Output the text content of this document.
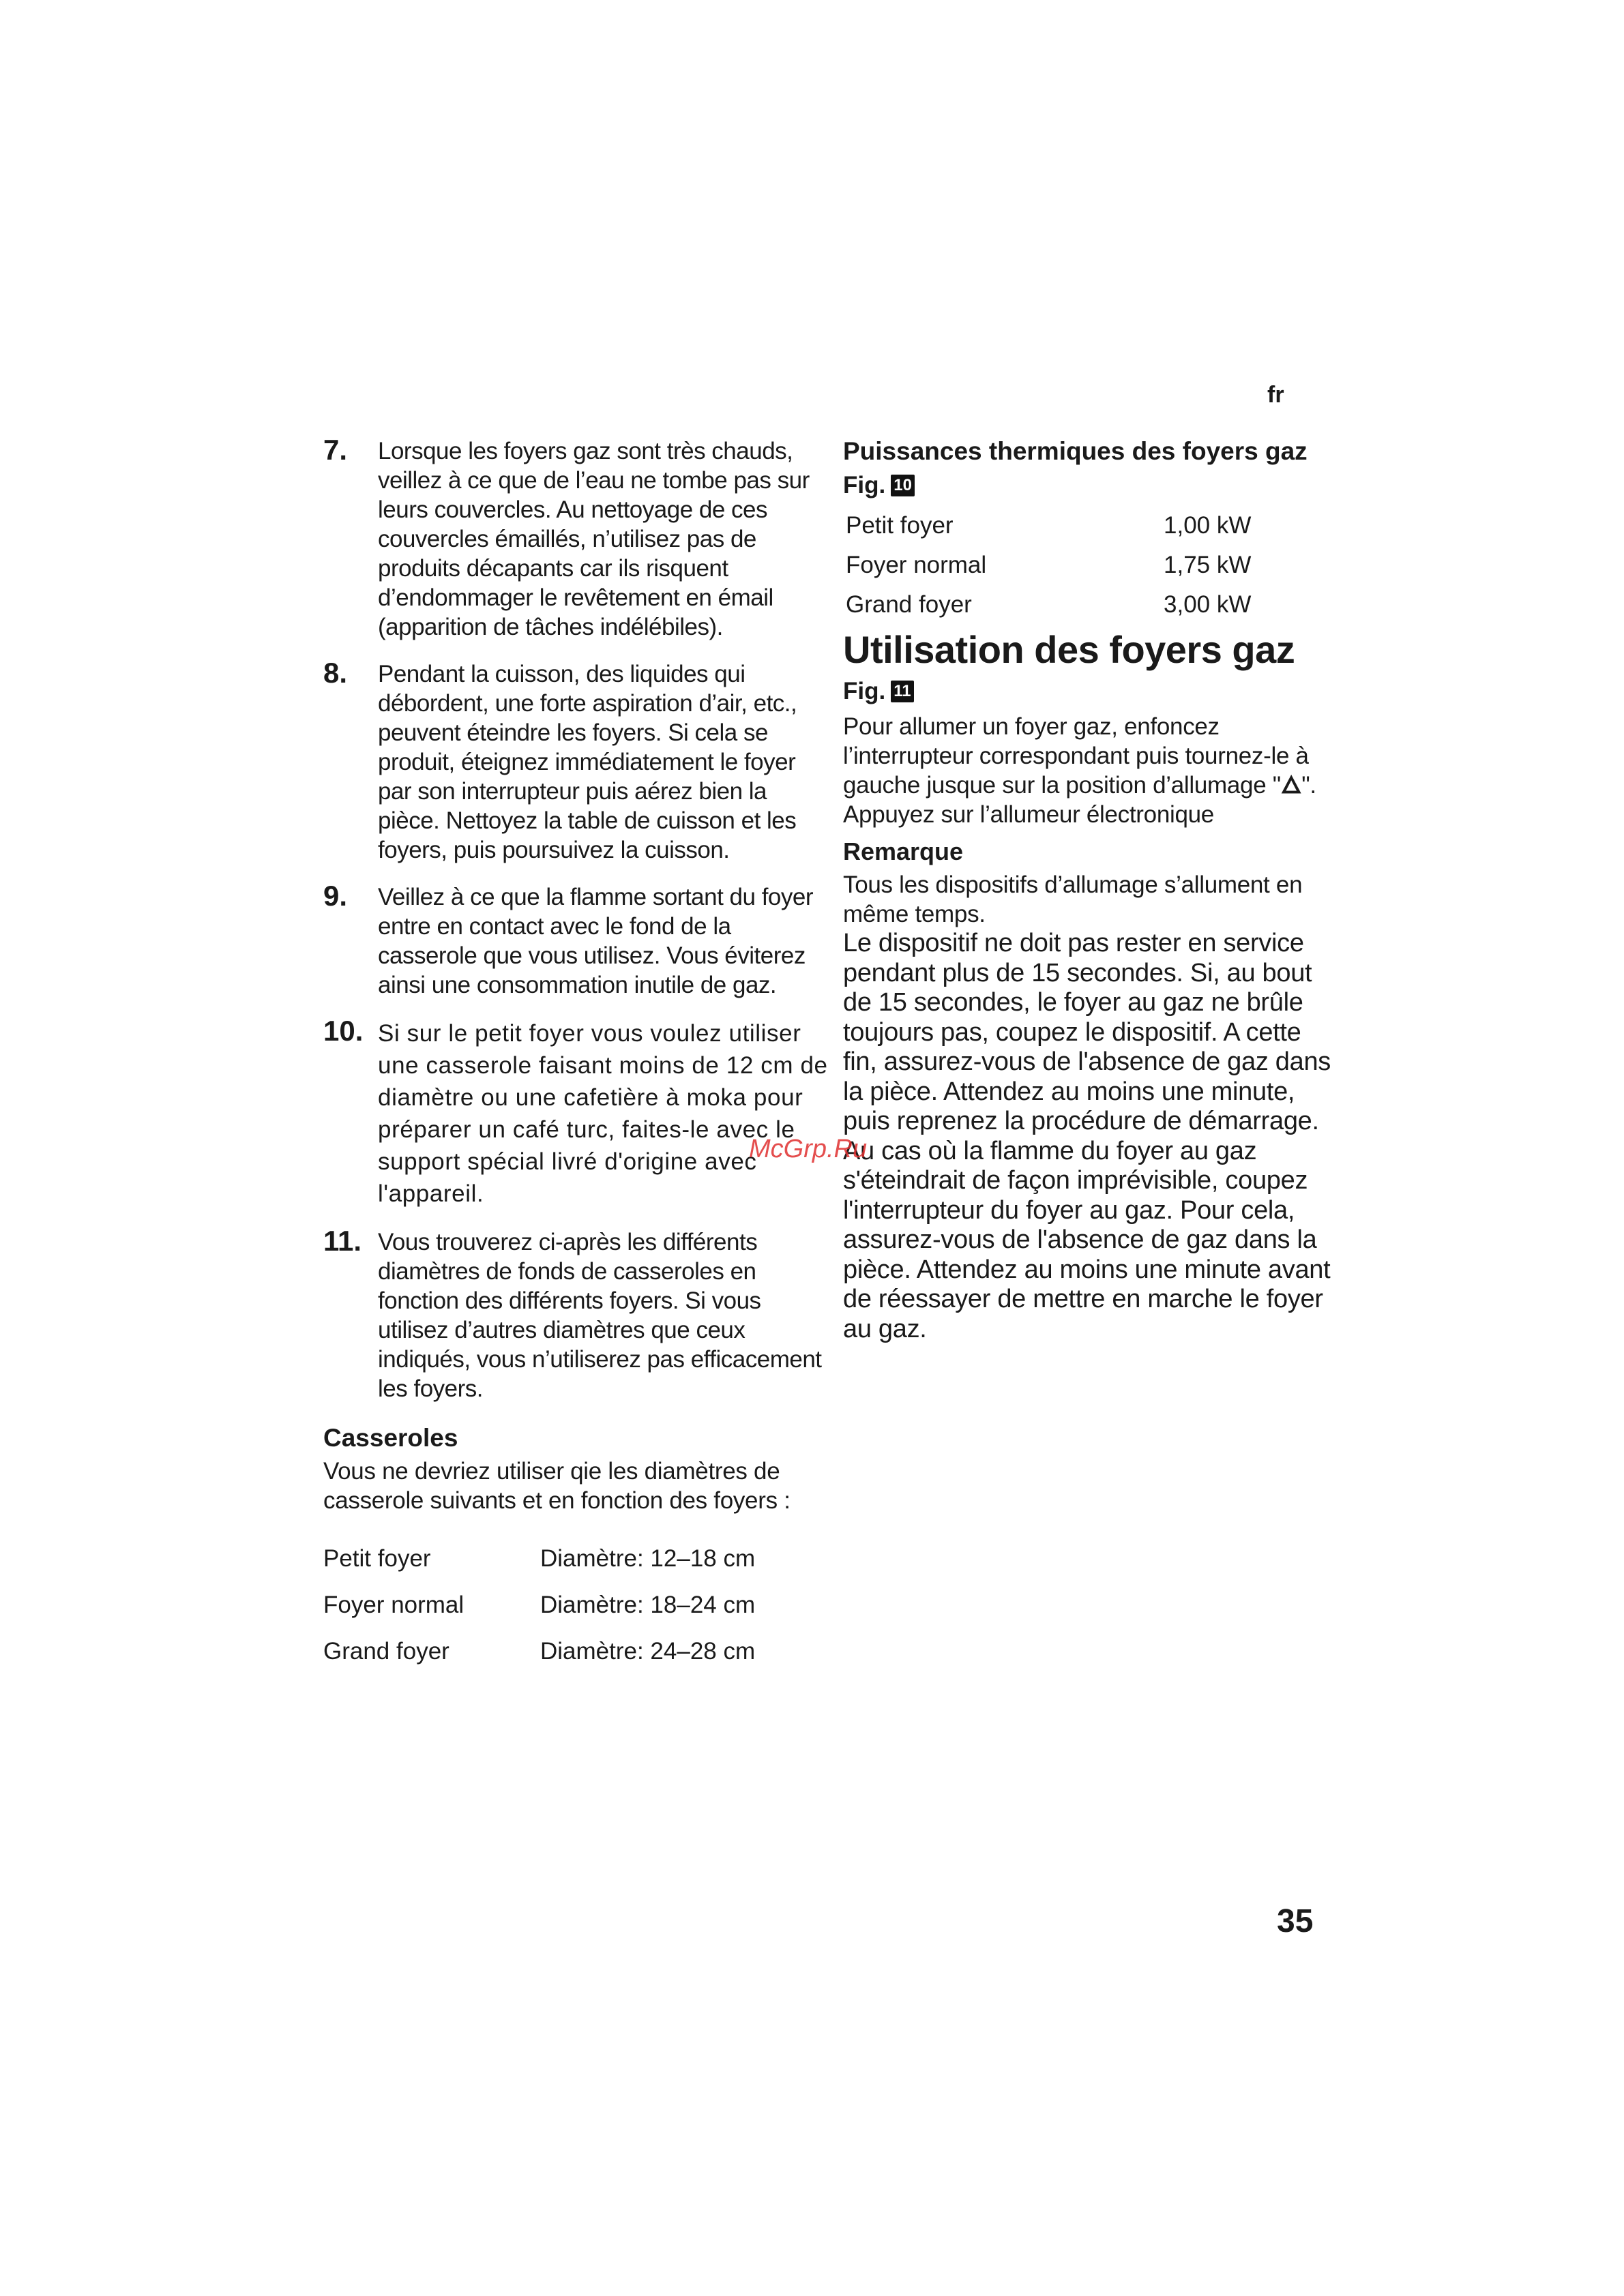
fr
7. Lorsque les foyers gaz sont très chauds, veillez à ce que de l’eau ne tombe pas sur leurs couvercles. Au nettoyage de ces couvercles émaillés, n’utilisez pas de produits décapants car ils risquent d’endommager le revêtement en émail (apparition de tâches indélébiles).
8. Pendant la cuisson, des liquides qui débordent, une forte aspiration d’air, etc., peuvent éteindre les foyers. Si cela se produit, éteignez immédiatement le foyer par son interrupteur puis aérez bien la pièce. Nettoyez la table de cuisson et les foyers, puis poursuivez la cuisson.
9. Veillez à ce que la flamme sortant du foyer entre en contact avec le fond de la casserole que vous utilisez. Vous éviterez ainsi une consommation inutile de gaz.
10. Si sur le petit foyer vous voulez utiliser une casserole faisant moins de 12 cm de diamètre ou une cafetière à moka pour préparer un café turc, faites-le avec le support spécial livré d'origine avec l'appareil.
11. Vous trouverez ci-après les différents diamètres de fonds de casseroles en fonction des différents foyers. Si vous utilisez d’autres diamètres que ceux indiqués, vous n’utiliserez pas efficacement les foyers.
Casseroles
Vous ne devriez utiliser qie les diamètres de casserole suivants et en fonction des foyers :
Petit foyer	Diamètre: 12–18 cm
Foyer normal	Diamètre: 18–24 cm
Grand foyer	Diamètre: 24–28 cm
Puissances thermiques des foyers gaz
Fig. 10
Petit foyer	1,00 kW
Foyer normal	1,75 kW
Grand foyer	3,00 kW
Utilisation des foyers gaz
Fig. 11
Pour allumer un foyer gaz, enfoncez l’interrupteur correspondant puis tournez-le à gauche jusque sur la position d’allumage "🜂". Appuyez sur l’allumeur électronique
Remarque
Tous les dispositifs d’allumage s’allument en même temps.
Le dispositif ne doit pas rester en service pendant plus de 15 secondes. Si, au bout de 15 secondes, le foyer au gaz ne brûle toujours pas, coupez le dispositif. A cette fin, assurez-vous de l'absence de gaz dans la pièce. Attendez au moins une minute, puis reprenez la procédure de démarrage. Au cas où la flamme du foyer au gaz s'éteindrait de façon imprévisible, coupez l'interrupteur du foyer au gaz. Pour cela, assurez-vous de l'absence de gaz dans la pièce. Attendez au moins une minute avant de réessayer de mettre en marche le foyer au gaz.
McGrp.Ru
35
